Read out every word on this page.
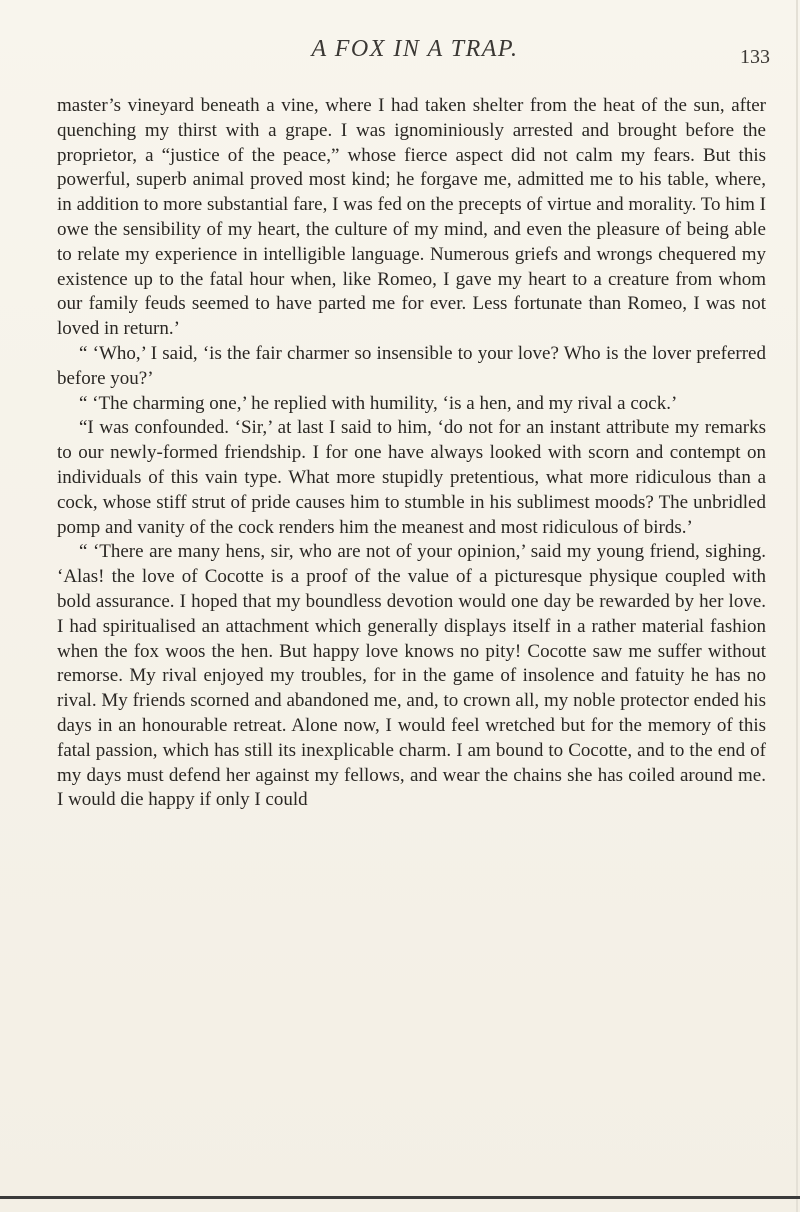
A FOX IN A TRAP.	133

master’s vineyard beneath a vine, where I had taken shelter from the heat of the sun, after quenching my thirst with a grape. I was ignominiously arrested and brought before the proprietor, a “justice of the peace,” whose fierce aspect did not calm my fears. But this powerful, superb animal proved most kind; he forgave me, admitted me to his table, where, in addition to more substantial fare, I was fed on the precepts of virtue and morality. To him I owe the sensibility of my heart, the culture of my mind, and even the pleasure of being able to relate my experience in intelligible language. Numerous griefs and wrongs chequered my existence up to the fatal hour when, like Romeo, I gave my heart to a creature from whom our family feuds seemed to have parted me for ever. Less fortunate than Romeo, I was not loved in return.’

“ ‘Who,’ I said, ‘is the fair charmer so insensible to your love? Who is the lover preferred before you?’

“ ‘The charming one,’ he replied with humility, ‘is a hen, and my rival a cock.’

“I was confounded. ‘Sir,’ at last I said to him, ‘do not for an instant attribute my remarks to our newly-formed friendship. I for one have always looked with scorn and contempt on individuals of this vain type. What more stupidly pretentious, what more ridiculous than a cock, whose stiff strut of pride causes him to stumble in his sublimest moods? The unbridled pomp and vanity of the cock renders him the meanest and most ridiculous of birds.’

“ ‘There are many hens, sir, who are not of your opinion,’ said my young friend, sighing. ‘Alas! the love of Cocotte is a proof of the value of a picturesque physique coupled with bold assurance. I hoped that my boundless devotion would one day be rewarded by her love. I had spiritualised an attachment which generally displays itself in a rather material fashion when the fox woos the hen. But happy love knows no pity! Cocotte saw me suffer without remorse. My rival enjoyed my troubles, for in the game of insolence and fatuity he has no rival. My friends scorned and abandoned me, and, to crown all, my noble protector ended his days in an honourable retreat. Alone now, I would feel wretched but for the memory of this fatal passion, which has still its inexplicable charm. I am bound to Cocotte, and to the end of my days must defend her against my fellows, and wear the chains she has coiled around me. I would die happy if only I could
